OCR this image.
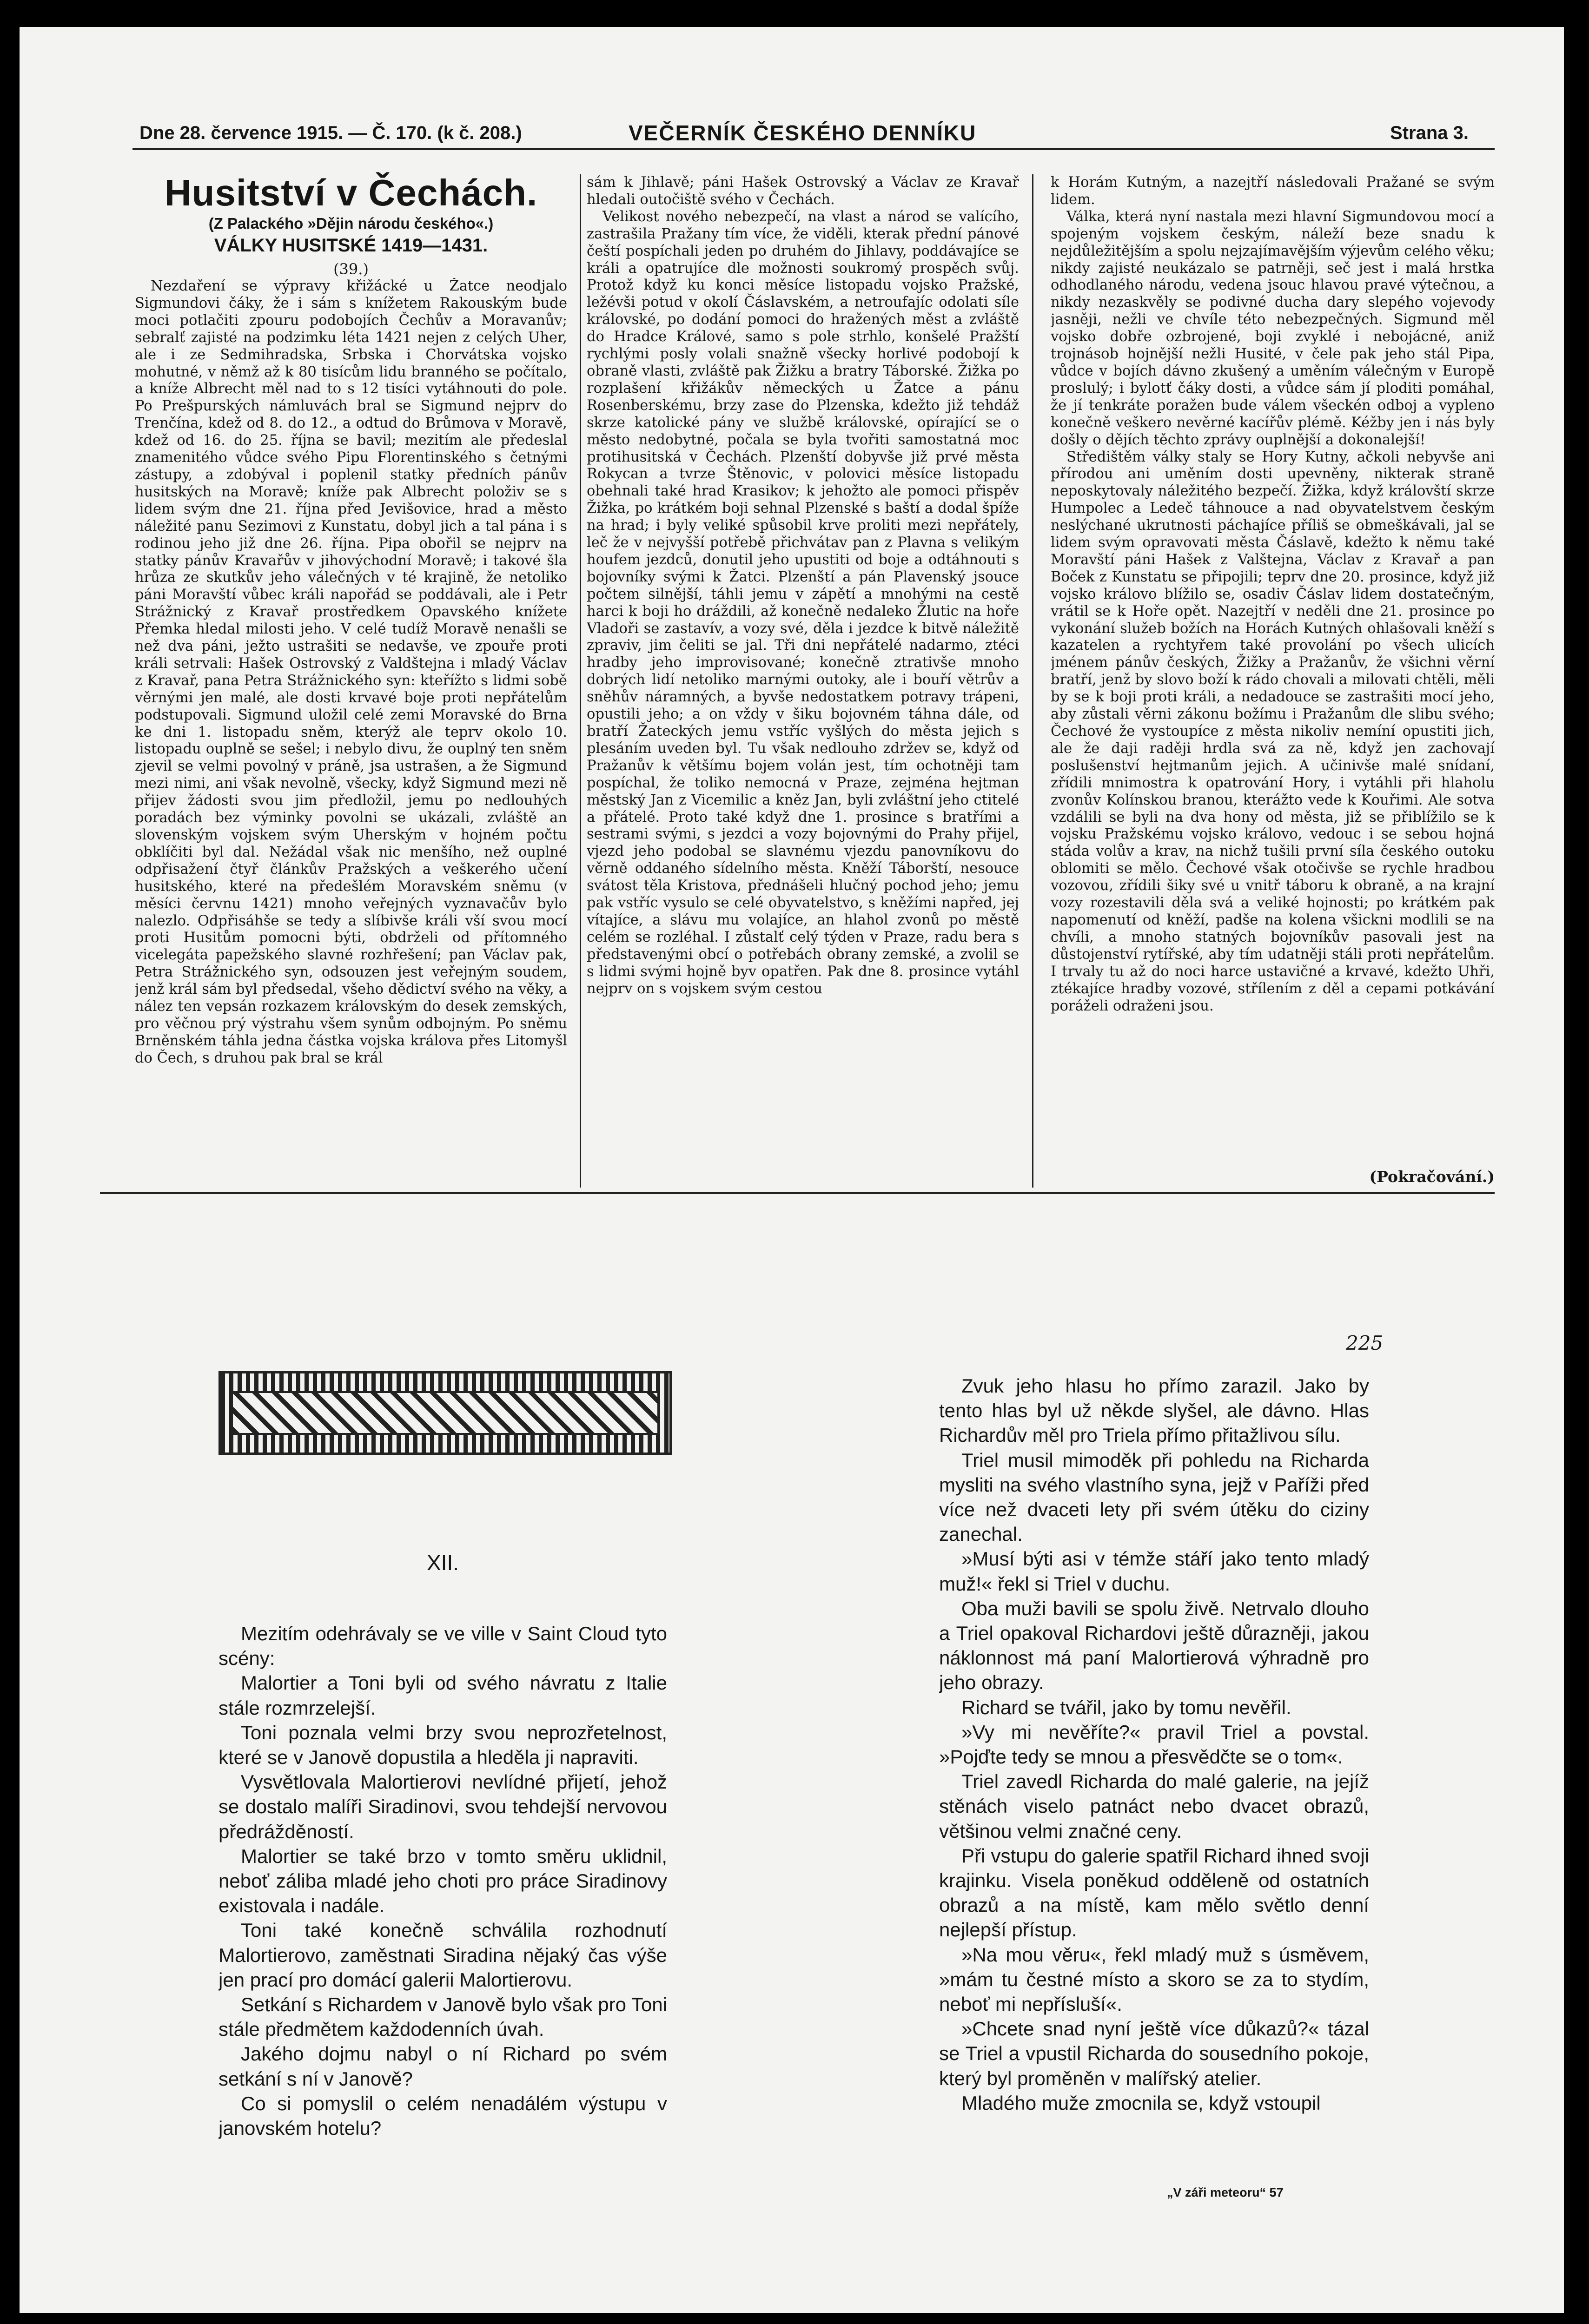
Dne 28. července 1915. — Č. 170. (k č. 208.)	VEČERNÍK ČESKÉHO DENNÍKU	Strana 3.
Husitství v Čechách.
(Z Palackého »Dějin národu českého«.)
VÁLKY HUSITSKÉ 1419—1431.
(39.)

Nezdaření se výpravy křižácké u Žatce neodjalo Sigmundovi čáky, že i sám s knížetem Rakouským bude moci potlačiti zpouru podobojích Čechův a Moravanův; sebralť zajisté na podzimku léta 1421 nejen z celých Uher, ale i ze Sedmihradska, Srbska i Chorvátska vojsko mohutné, v němž až k 80 tisícům lidu branného se počítalo, a kníže Albrecht měl nad to s 12 tisíci vytáhnouti do pole. Po Prešpurských námluvách bral se Sigmund nejprv do Trenčína, kdež od 8. do 12., a odtud do Brůmova v Moravě, kdež od 16. do 25. října se bavil; mezitím ale předeslal znamenitého vůdce svého Pipu Florentinského s četnými zástupy, a zdobýval i poplenil statky předních pánův husitských na Moravě; kníže pak Albrecht položiv se s lidem svým dne 21. října před Jevišovice, hrad a město náležité panu Sezimovi z Kunstatu, dobyl jich a tal pána i s rodinou jeho již dne 26. října. Pipa obořil se nejprv na statky pánův Kravařův v jihovýchodní Moravě; i takové šla hrůza ze skutkův jeho válečných v té krajině, že netoliko páni Moravští vůbec králi napořád se poddávali, ale i Petr Strážnický z Kravař prostředkem Opavského knížete Přemka hledal milosti jeho. V celé tudíž Moravě nenašli se než dva páni, ježto ustrašiti se nedavše, ve zpouře proti králi setrvali: Hašek Ostrovský z Valdštejna i mladý Václav z Kravař, pana Petra Strážnického syn: kteřížto s lidmi sobě věrnými jen malé, ale dosti krvavé boje proti nepřátelům podstupovali. Sigmund uložil celé zemi Moravské do Brna ke dni 1. listopadu sněm, kterýž ale teprv okolo 10. listopadu ouplně se sešel; i nebylo divu, že ouplný ten sněm zjevil se velmi povolný v práně, jsa ustrašen, a že Sigmund mezi nimi, ani však nevolně, všecky, když Sigmund mezi ně přijev žádosti svou jim předložil, jemu po nedlouhých poradách bez výminky povolni se ukázali, zvláště an slovenským vojskem svým Uherským v hojném počtu obklíčiti byl dal. Nežádal však nic menšího, než ouplné odpřisažení čtyř článkův Pražských a veškerého učení husitského, které na předešlém Moravském sněmu (v měsíci červnu 1421) mnoho veřejných vyznavačův bylo nalezlo. Odpřisáhše se tedy a slíbivše králi vší svou mocí proti Husitům pomocni býti, obdrželi od přítomného vicelegáta papežského slavné rozhřešení; pan Václav pak, Petra Strážnického syn, odsouzen jest veřejným soudem, jenž král sám byl předsedal, všeho dědictví svého na věky, a nález ten vepsán rozkazem královským do desek zemských, pro věčnou prý výstrahu všem synům odbojným. Po sněmu Brněnském táhla jedna částka vojska králova přes Litomyšl do Čech, s druhou pak bral se král

sám k Jihlavě; páni Hašek Ostrovský a Václav ze Kravař hledali outočiště svého v Čechách.

Velikost nového nebezpečí, na vlast a národ se valícího, zastrašila Pražany tím více, že viděli, kterak přední pánové čeští pospíchali jeden po druhém do Jihlavy, poddávajíce se králi a opatrujíce dle možnosti soukromý prospěch svůj. Protož když ku konci měsíce listopadu vojsko Pražské, ležévši potud v okolí Čáslavském, a netroufajíc odolati síle královské, po dodání pomoci do hražených měst a zvláště do Hradce Králové, samo s pole strhlo, konšelé Pražští rychlými posly volali snažně všecky horlivé podobojí k obraně vlasti, zvláště pak Žižku a bratry Táborské. Žižka po rozplašení křižákův německých u Žatce a pánu Rosenberskému, brzy zase do Plzenska, kdežto již tehdáž skrze katolické pány ve službě královské, opírající se o město nedobytné, počala se byla tvořiti samostatná moc protihusitská v Čechách. Plzenští dobyvše již prvé města Rokycan a tvrze Štěnovic, v polovici měsíce listopadu obehnali také hrad Krasikov; k jehožto ale pomoci přispěv Žižka, po krátkém boji sehnal Plzenské s baští a dodal špíže na hrad; i byly veliké spůsobil krve proliti mezi nepřátely, leč že v nejvyšší potřebě přichvátav pan z Plavna s velikým houfem jezdců, donutil jeho upustiti od boje a odtáhnouti s bojovníky svými k Žatci. Plzenští a pán Plavenský jsouce počtem silnější, táhli jemu v zápětí a mnohými na cestě harci k boji ho dráždili, až konečně nedaleko Žlutic na hoře Vladoři se zastavív, a vozy své, děla i jezdce k bitvě náležitě zpraviv, jim čeliti se jal. Tři dni nepřátelé nadarmo, ztéci hradby jeho improvisované; konečně ztrativše mnoho dobrých lidí netoliko marnými outoky, ale i bouří větrův a sněhův náramných, a byvše nedostatkem potravy trápeni, opustili jeho; a on vždy v šiku bojovném táhna dále, od bratří Žateckých jemu vstříc vyšlých do města jejich s plesáním uveden byl. Tu však nedlouho zdržev se, když od Pražanův k většímu bojem volán jest, tím ochotněji tam pospíchal, že toliko nemocná v Praze, zejména hejtman městský Jan z Vicemilic a kněz Jan, byli zvláštní jeho ctitelé a přátelé. Proto také když dne 1. prosince s bratřími a sestrami svými, s jezdci a vozy bojovnými do Prahy přijel, vjezd jeho podobal se slavnému vjezdu panovníkovu do věrně oddaného sídelního města. Kněží Táborští, nesouce svátost těla Kristova, přednášeli hlučný pochod jeho; jemu pak vstříc vysulo se celé obyvatelstvo, s kněžími napřed, jej vítajíce, a slávu mu volajíce, an hlahol zvonů po městě celém se rozléhal. I zůstalť celý týden v Praze, radu bera s představenými obcí o potřebách obrany zemské, a zvolil se s lidmi svými hojně byv opatřen. Pak dne 8. prosince vytáhl nejprv on s vojskem svým cestou

k Horám Kutným, a nazejtří následovali Pražané se svým lidem.

Válka, která nyní nastala mezi hlavní Sigmundovou mocí a spojeným vojskem českým, náleží beze snadu k nejdůležitějším a spolu nejzajímavějším výjevům celého věku; nikdy zajisté neukázalo se patrněji, seč jest i malá hrstka odhodlaného národu, vedena jsouc hlavou pravé výtečnou, a nikdy nezaskvěly se podivné ducha dary slepého vojevody jasněji, nežli ve chvíle této nebezpečných. Sigmund měl vojsko dobře ozbrojené, boji zvyklé i nebojácné, aniž trojnásob hojnější nežli Husité, v čele pak jeho stál Pipa, vůdce v bojích dávno zkušený a uměním válečným v Europě proslulý; i bylotť čáky dosti, a vůdce sám jí ploditi pomáhal, že jí tenkráte poražen bude válem všeckén odboj a vypleno konečně veškero nevěrné kacířův plémě. Kéžby jen i nás byly došly o dějích těchto zprávy ouplnější a dokonalejší!

Středištěm války staly se Hory Kutny, ačkoli nebyvše ani přírodou ani uměním dosti upevněny, nikterak straně neposkytovaly náležitého bezpečí. Žižka, když královští skrze Humpolec a Ledeč táhnouce a nad obyvatelstvem českým neslýchané ukrutnosti páchajíce příliš se obmeškávali, jal se lidem svým opravovati města Čáslavě, kdežto k němu také Moravští páni Hašek z Valštejna, Václav z Kravař a pan Boček z Kunstatu se připojili; teprv dne 20. prosince, když již vojsko královo blížilo se, osadiv Čáslav lidem dostatečným, vrátil se k Hoře opět. Nazejtří v neděli dne 21. prosince po vykonání služeb božích na Horách Kutných ohlašovali kněží s kazatelen a rychtyřem také provolání po všech ulicích jménem pánův českých, Žižky a Pražanův, že všichni věrní bratří, jenž by slovo boží k rádo chovali a milovati chtěli, měli by se k boji proti králi, a nedadouce se zastrašiti mocí jeho, aby zůstali věrni zákonu božímu i Pražanům dle slibu svého; Čechové že vystoupíce z města nikoliv nemíní opustiti jich, ale že daji raději hrdla svá za ně, když jen zachovají poslušenství hejtmanům jejich. A učinivše malé snídaní, zřídili mnimostra k opatrování Hory, i vytáhli při hlaholu zvonův Kolínskou branou, kterážto vede k Kouřimi. Ale sotva vzdálili se byli na dva hony od města, již se přiblížilo se k vojsku Pražskému vojsko královo, vedouc i se sebou hojná stáda volův a krav, na nichž tušili první síla českého outoku oblomiti se mělo. Čechové však otočivše se rychle hradbou vozovou, zřídili šiky své u vnitř táboru k obraně, a na krajní vozy rozestavili děla svá a veliké hojnosti; po krátkém pak napomenutí od kněží, padše na kolena všickni modlili se na chvíli, a mnoho statných bojovníkův pasovali jest na důstojenství rytířské, aby tím udatněji stáli proti nepřátelům. I trvaly tu až do noci harce ustavičné a krvavé, kdežto Uhři, ztékajíce hradby vozové, střílením z děl a cepami potkávání poráželi odraženi jsou.

(Pokračování.)
225
XII.

Mezitím odehrávaly se ve ville v Saint Cloud tyto scény:

Malortier a Toni byli od svého návratu z Italie stále rozmrzelejší.

Toni poznala velmi brzy svou neprozřetelnost, které se v Janově dopustila a hleděla ji napraviti.

Vysvětlovala Malortierovi nevlídné přijetí, jehož se dostalo malíři Siradinovi, svou tehdejší nervovou předrážděností.

Malortier se také brzo v tomto směru uklidnil, neboť záliba mladé jeho choti pro práce Siradinovy existovala i nadále.

Toni také konečně schválila rozhodnutí Malortierovo, zaměstnati Siradina nějaký čas výše jen prací pro domácí galerii Malortierovu.

Setkání s Richardem v Janově bylo však pro Toni stále předmětem každodenních úvah.

Jakého dojmu nabyl o ní Richard po svém setkání s ní v Janově?

Co si pomyslil o celém nenadálém výstupu v janovském hotelu?

Zvuk jeho hlasu ho přímo zarazil. Jako by tento hlas byl už někde slyšel, ale dávno. Hlas Richardův měl pro Triela přímo přitažlivou sílu.

Triel musil mimoděk při pohledu na Richarda mysliti na svého vlastního syna, jejž v Paříži před více než dvaceti lety při svém útěku do ciziny zanechal.

»Musí býti asi v témže stáří jako tento mladý muž!« řekl si Triel v duchu.

Oba muži bavili se spolu živě. Netrvalo dlouho a Triel opakoval Richardovi ještě důrazněji, jakou náklonnost má paní Malortierová výhradně pro jeho obrazy.

Richard se tvářil, jako by tomu nevěřil.

»Vy mi nevěříte?« pravil Triel a povstal. »Pojďte tedy se mnou a přesvědčte se o tom«.

Triel zavedl Richarda do malé galerie, na jejíž stěnách viselo patnáct nebo dvacet obrazů, většinou velmi značné ceny.

Při vstupu do galerie spatřil Richard ihned svoji krajinku. Visela poněkud odděleně od ostatních obrazů a na místě, kam mělo světlo denní nejlepší přístup.

»Na mou věru«, řekl mladý muž s úsměvem, »mám tu čestné místo a skoro se za to stydím, neboť mi nepřísluší«.

»Chcete snad nyní ještě více důkazů?« tázal se Triel a vpustil Richarda do sousedního pokoje, který byl proměněn v malířský atelier.

Mladého muže zmocnila se, když vstoupil

„V záři meteoru“ 57
